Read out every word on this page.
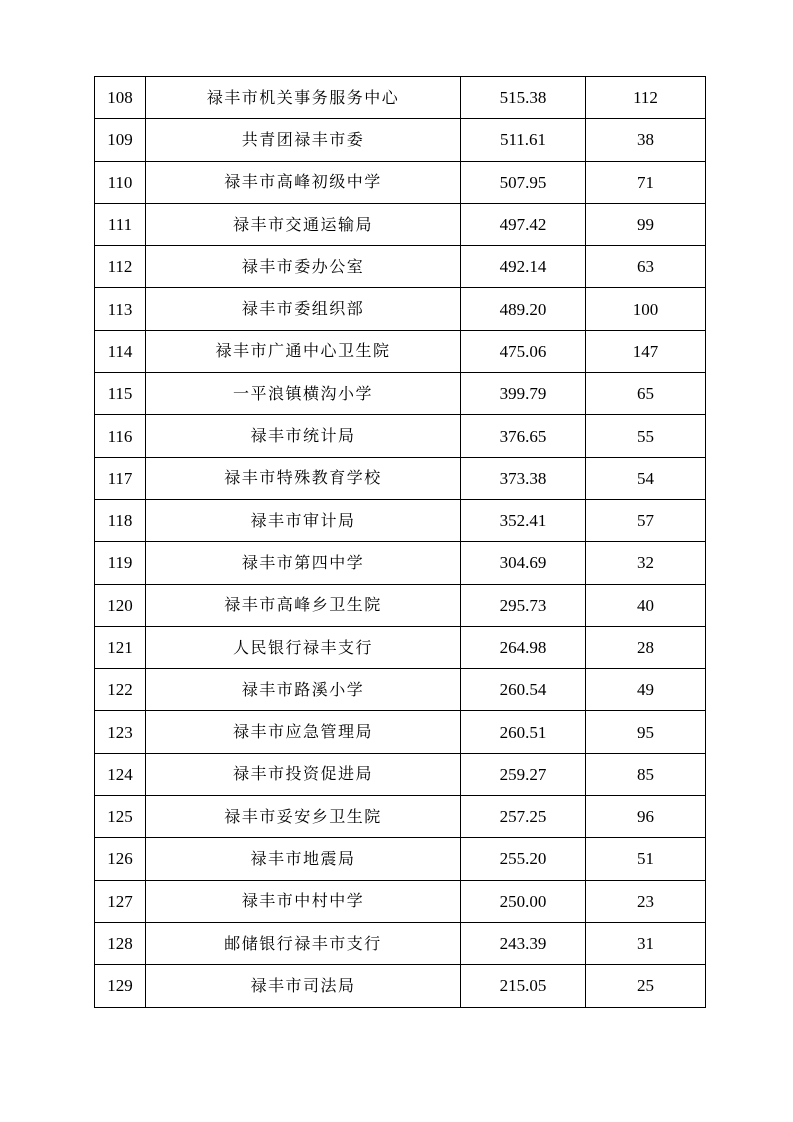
108	禄丰市机关事务服务中心	515.38	112
109	共青团禄丰市委	511.61	38
110	禄丰市高峰初级中学	507.95	71
111	禄丰市交通运输局	497.42	99
112	禄丰市委办公室	492.14	63
113	禄丰市委组织部	489.20	100
114	禄丰市广通中心卫生院	475.06	147
115	一平浪镇横沟小学	399.79	65
116	禄丰市统计局	376.65	55
117	禄丰市特殊教育学校	373.38	54
118	禄丰市审计局	352.41	57
119	禄丰市第四中学	304.69	32
120	禄丰市高峰乡卫生院	295.73	40
121	人民银行禄丰支行	264.98	28
122	禄丰市路溪小学	260.54	49
123	禄丰市应急管理局	260.51	95
124	禄丰市投资促进局	259.27	85
125	禄丰市妥安乡卫生院	257.25	96
126	禄丰市地震局	255.20	51
127	禄丰市中村中学	250.00	23
128	邮储银行禄丰市支行	243.39	31
129	禄丰市司法局	215.05	25
